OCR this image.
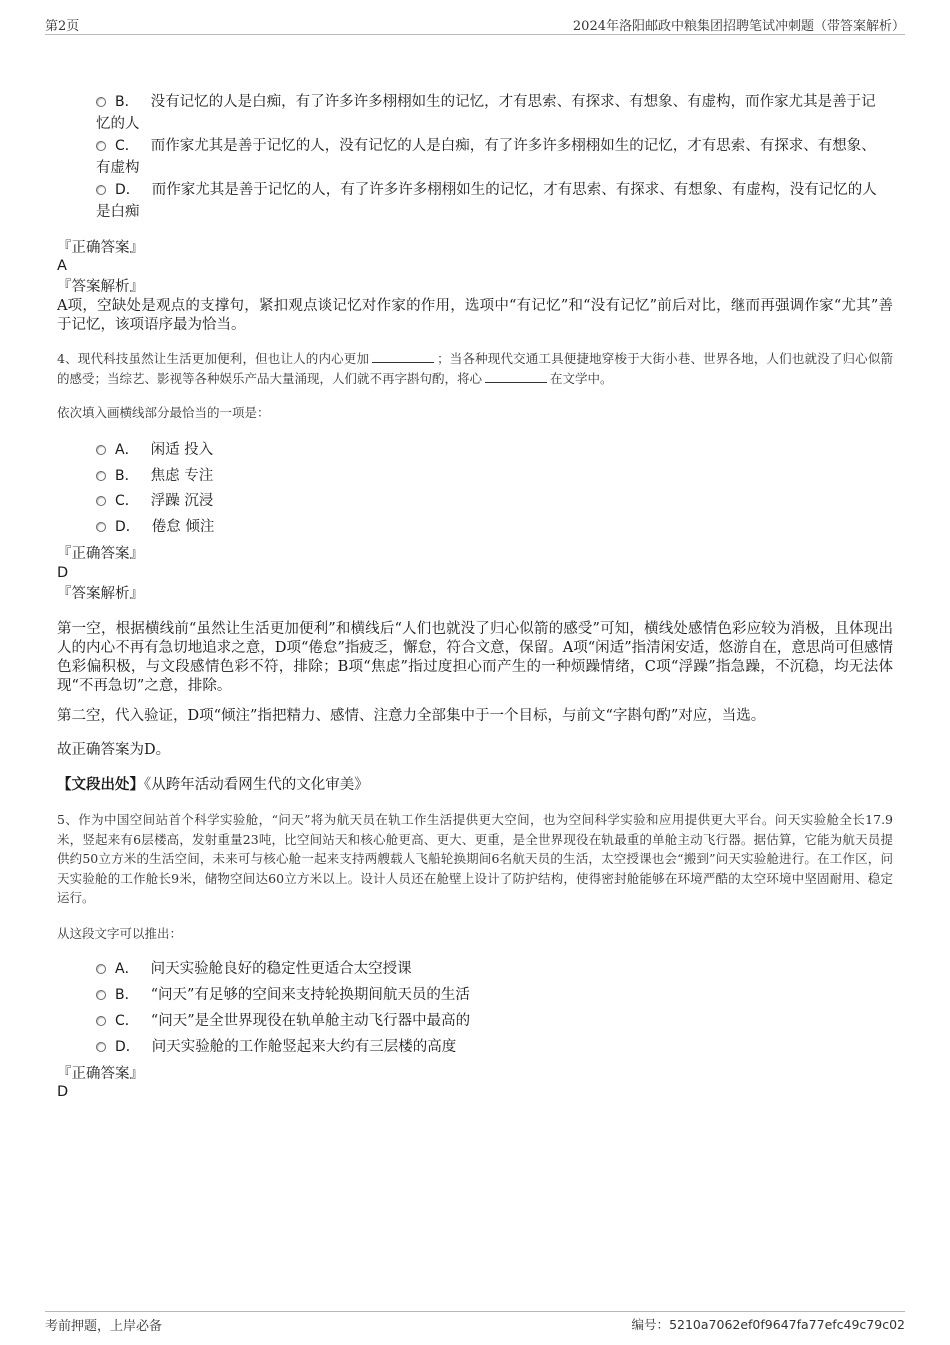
第2页	2024年洛阳邮政中粮集团招聘笔试冲刺题（带答案解析）
B． 没有记忆的人是白痴，有了许多许多栩栩如生的记忆，才有思索、有探求、有想象、有虚构，而作家尤其是善于记忆的人
C． 而作家尤其是善于记忆的人，没有记忆的人是白痴，有了许多许多栩栩如生的记忆，才有思索、有探求、有想象、有虚构
D． 而作家尤其是善于记忆的人，有了许多许多栩栩如生的记忆，才有思索、有探求、有想象、有虚构，没有记忆的人是白痴
『正确答案』
A
『答案解析』
A项，空缺处是观点的支撑句，紧扣观点谈记忆对作家的作用，选项中“有记忆”和“没有记忆”前后对比，继而再强调作家“尤其”善于记忆，该项语序最为恰当。
4、现代科技虽然让生活更加便利，但也让人的内心更加	；当各种现代交通工具便捷地穿梭于大街小巷、世界各地，人们也就没了归心似箭的感受；当综艺、影视等各种娱乐产品大量涌现，人们就不再字斟句酌，将心	在文学中。
依次填入画横线部分最恰当的一项是：
A． 闲适 投入
B． 焦虑 专注
C． 浮躁 沉浸
D． 倦怠 倾注
『正确答案』
D
『答案解析』
第一空，根据横线前“虽然让生活更加便利”和横线后“人们也就没了归心似箭的感受”可知，横线处感情色彩应较为消极，且体现出人的内心不再有急切地追求之意，D项“倦怠”指疲乏，懈怠，符合文意，保留。A项“闲适”指清闲安适，悠游自在，意思尚可但感情色彩偏积极，与文段感情色彩不符，排除；B项“焦虑”指过度担心而产生的一种烦躁情绪，C项“浮躁”指急躁，不沉稳，均无法体现“不再急切”之意，排除。
第二空，代入验证，D项“倾注”指把精力、感情、注意力全部集中于一个目标，与前文“字斟句酌”对应，当选。
故正确答案为D。
【文段出处】《从跨年活动看网生代的文化审美》
5、作为中国空间站首个科学实验舱，“问天”将为航天员在轨工作生活提供更大空间，也为空间科学实验和应用提供更大平台。问天实验舱全长17.9米，竖起来有6层楼高，发射重量23吨，比空间站天和核心舱更高、更大、更重，是全世界现役在轨最重的单舱主动飞行器。据估算，它能为航天员提供约50立方米的生活空间，未来可与核心舱一起来支持两艘载人飞船轮换期间6名航天员的生活，太空授课也会“搬到”问天实验舱进行。在工作区，问天实验舱的工作舱长9米，储物空间达60立方米以上。设计人员还在舱壁上设计了防护结构，使得密封舱能够在环境严酷的太空环境中坚固耐用、稳定运行。
从这段文字可以推出：
A． 问天实验舱良好的稳定性更适合太空授课
B． “问天”有足够的空间来支持轮换期间航天员的生活
C． “问天”是全世界现役在轨单舱主动飞行器中最高的
D． 问天实验舱的工作舱竖起来大约有三层楼的高度
『正确答案』
D
考前押题，上岸必备	编号：5210a7062ef0f9647fa77efc49c79c02
